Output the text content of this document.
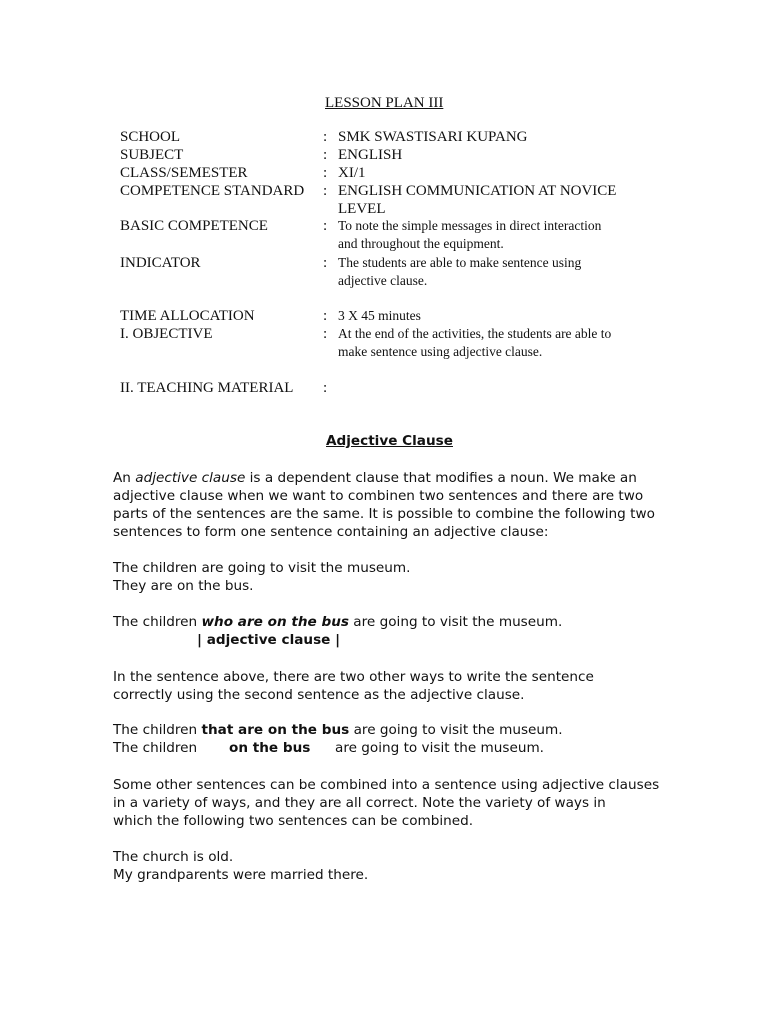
LESSON PLAN III
SCHOOL	: SMK SWASTISARI KUPANG
SUBJECT	: ENGLISH
CLASS/SEMESTER	: XI/1
COMPETENCE STANDARD : ENGLISH COMMUNICATION AT NOVICE
LEVEL
BASIC COMPETENCE	: To note the simple messages in direct interaction
and throughout the equipment.
INDICATOR	: The students are able to make sentence using
adjective clause.
TIME ALLOCATION	: 3 X 45 minutes
I. OBJECTIVE	: At the end of the activities, the students are able to
make sentence using adjective clause.
II. TEACHING MATERIAL :
Adjective Clause
An adjective clause is a dependent clause that modifies a noun. We make an
adjective clause when we want to combinen two sentences and there are two
parts of the sentences are the same. It is possible to combine the following two
sentences to form one sentence containing an adjective clause:
The children are going to visit the museum.
They are on the bus.
The children who are on the bus are going to visit the museum.
| adjective clause |
In the sentence above, there are two other ways to write the sentence
correctly using the second sentence as the adjective clause.
The children that are on the bus are going to visit the museum.
The children on the bus are going to visit the museum.
Some other sentences can be combined into a sentence using adjective clauses
in a variety of ways, and they are all correct. Note the variety of ways in
which the following two sentences can be combined.
The church is old.
My grandparents were married there.
